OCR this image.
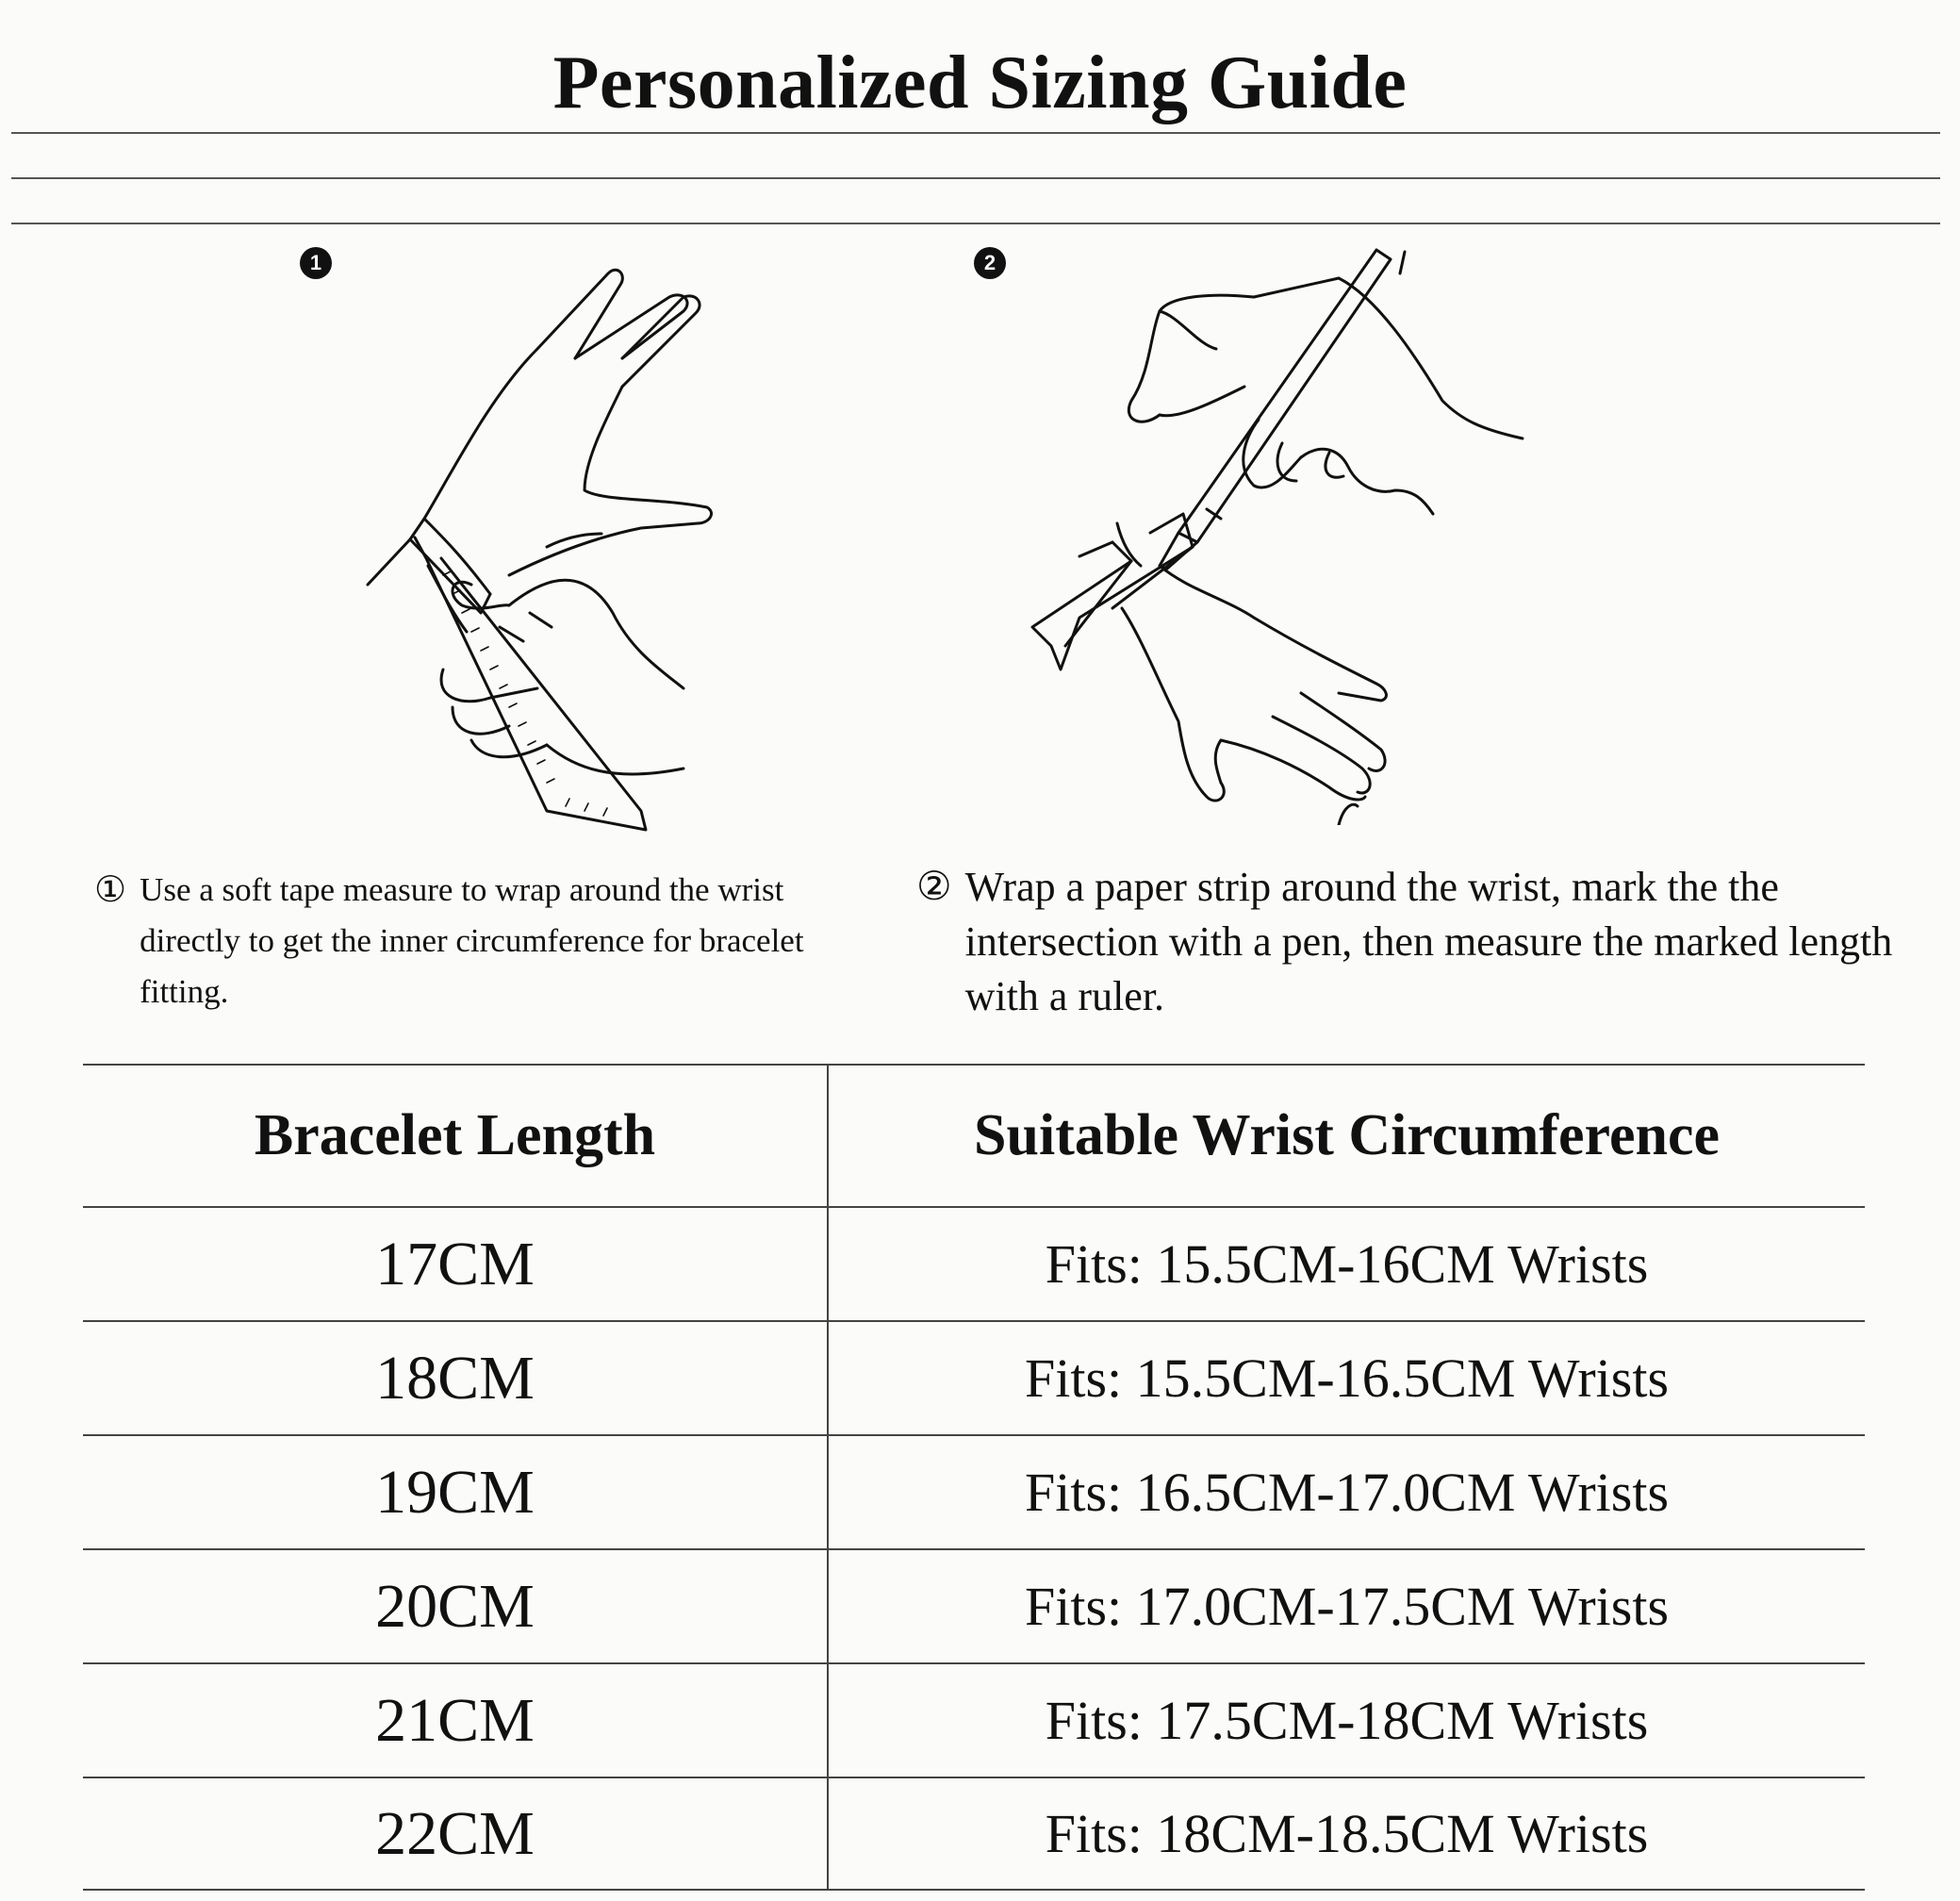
Personalized Sizing Guide
1	2
① Use a soft tape measure to wrap around the wrist directly to get the inner circumference for bracelet fitting.
② Wrap a paper strip around the wrist, mark the the intersection with a pen, then measure the marked length with a ruler.
Bracelet Length	Suitable Wrist Circumference
17CM	Fits: 15.5CM-16CM Wrists
18CM	Fits: 15.5CM-16.5CM Wrists
19CM	Fits: 16.5CM-17.0CM Wrists
20CM	Fits: 17.0CM-17.5CM Wrists
21CM	Fits: 17.5CM-18CM Wrists
22CM	Fits: 18CM-18.5CM Wrists
